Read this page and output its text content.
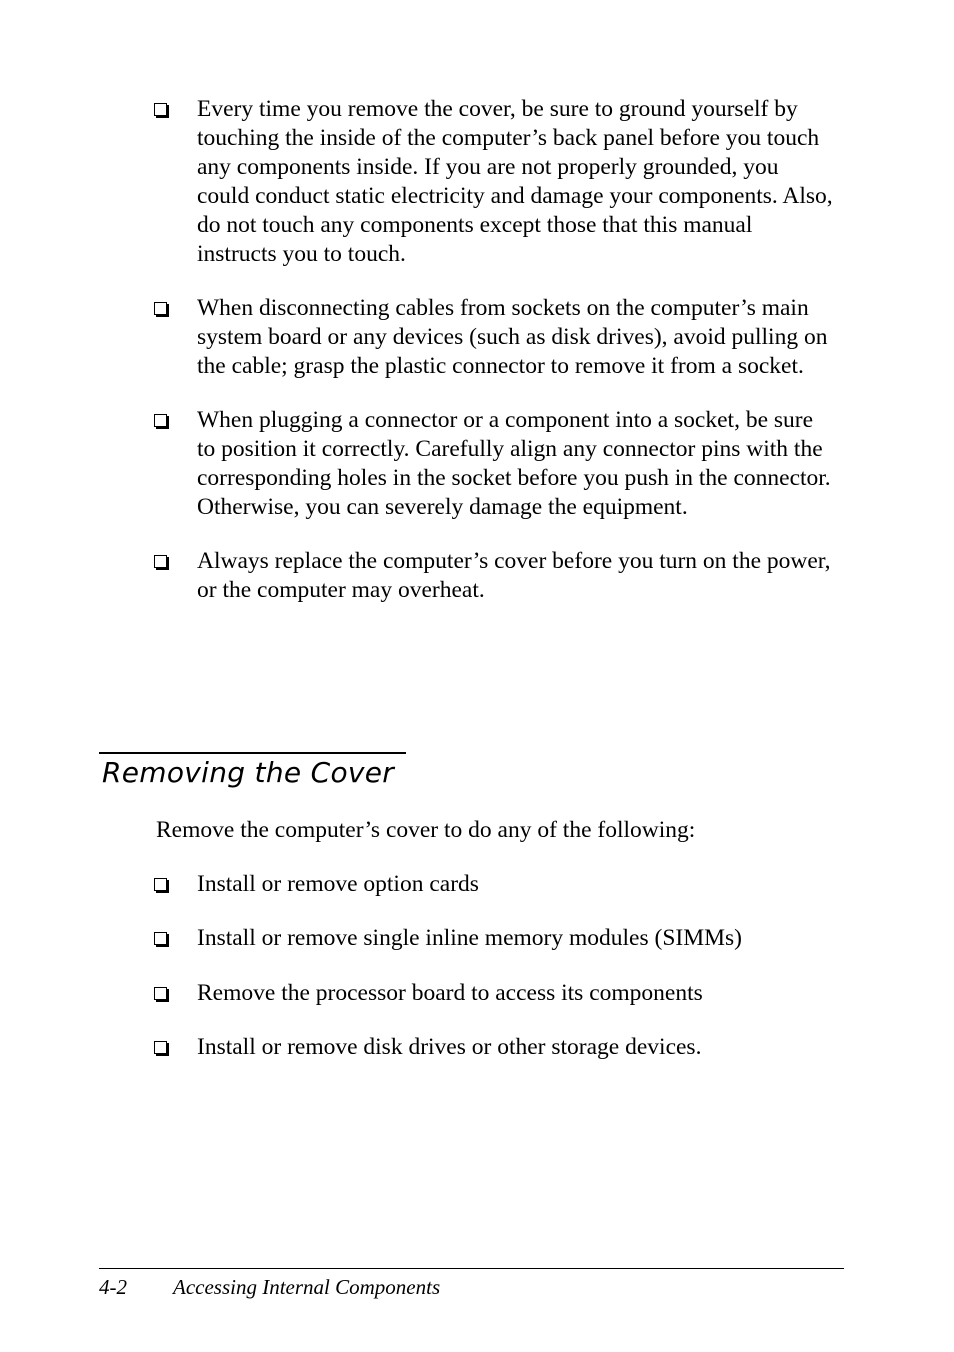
Every time you remove the cover, be sure to ground yourself by touching the inside of the computer’s back panel before you touch any components inside. If you are not properly grounded, you could conduct static electricity and damage your components. Also, do not touch any components except those that this manual instructs you to touch.
When disconnecting cables from sockets on the computer’s main system board or any devices (such as disk drives), avoid pulling on the cable; grasp the plastic connector to remove it from a socket.
When plugging a connector or a component into a socket, be sure to position it correctly. Carefully align any connector pins with the corresponding holes in the socket before you push in the connector. Otherwise, you can severely damage the equipment.
Always replace the computer’s cover before you turn on the power, or the computer may overheat.
Removing the Cover

Remove the computer’s cover to do any of the following:

Install or remove option cards
Install or remove single inline memory modules (SIMMs)
Remove the processor board to access its components
Install or remove disk drives or other storage devices.
4-2 Accessing Internal Components
